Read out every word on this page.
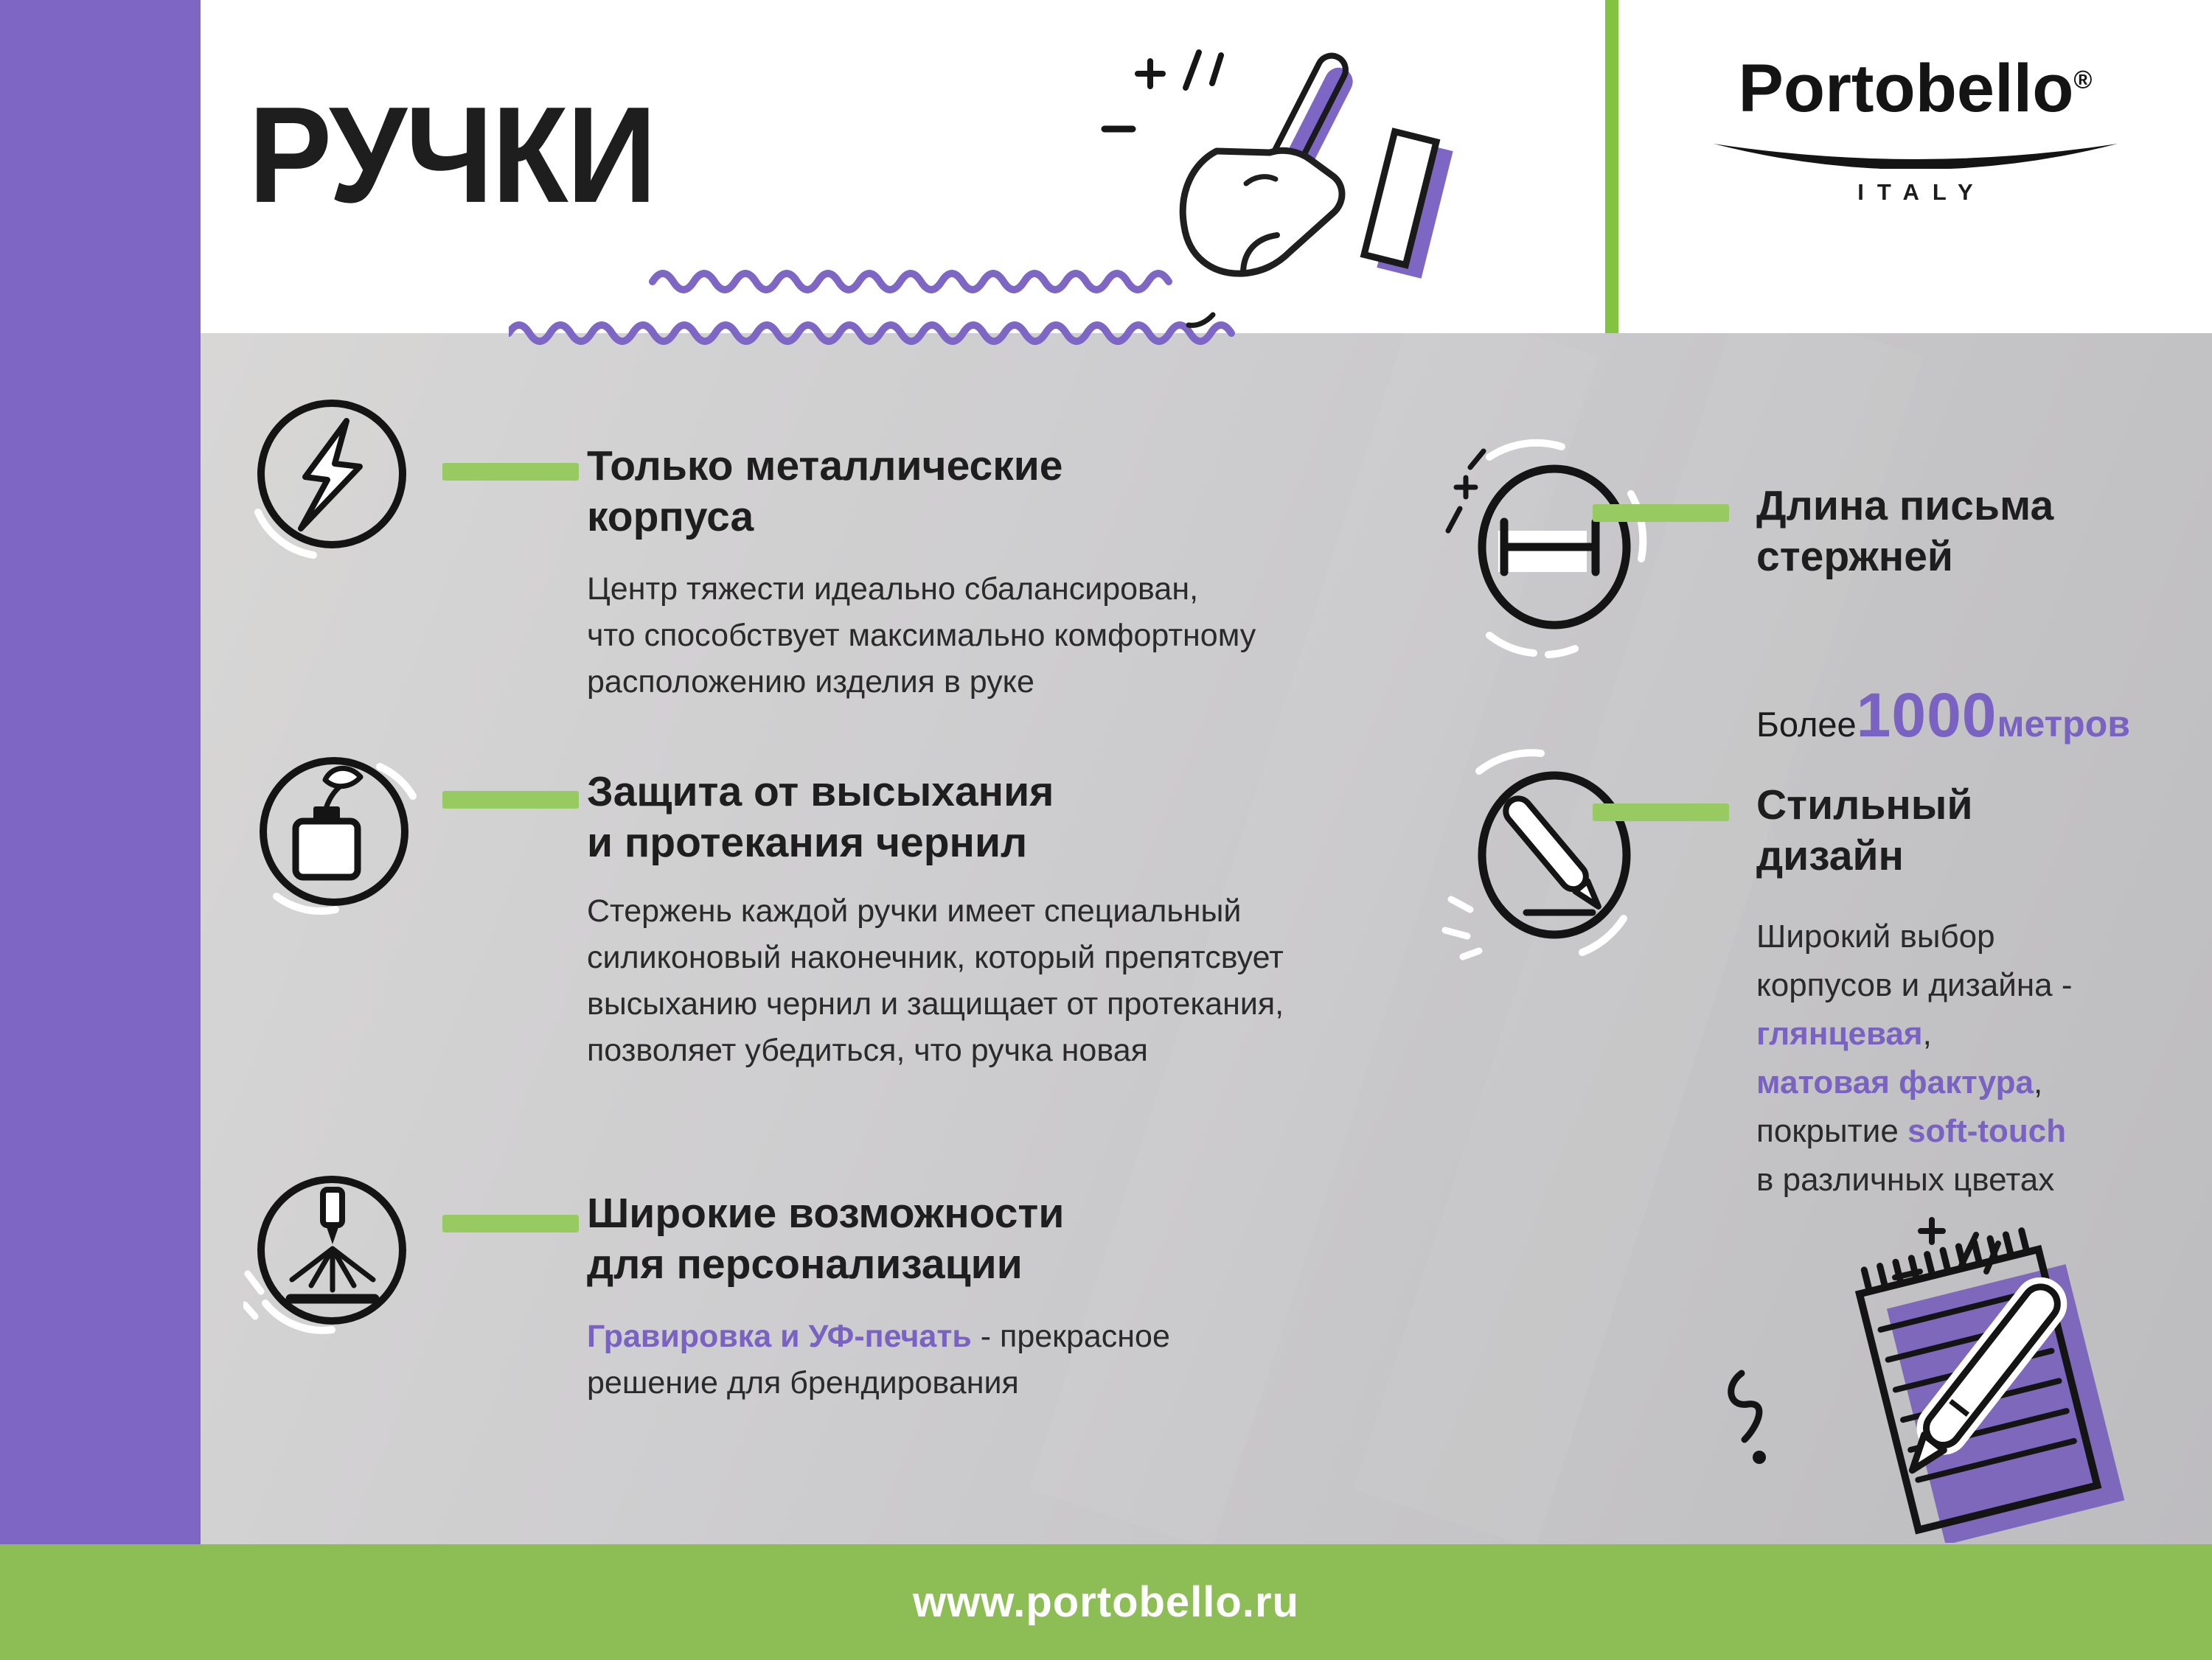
РУЧКИ	Portobello®
ITALY
Только металлические
корпуса
Центр тяжести идеально сбалансирован,
что способствует максимально комфортному
расположению изделия в руке
Защита от высыхания
и протекания чернил
Стержень каждой ручки имеет специальный
силиконовый наконечник, который препятсвует
высыханию чернил и защищает от протекания,
позволяет убедиться, что ручка новая
Широкие возможности
для персонализации
Гравировка и УФ-печать - прекрасное
решение для брендирования
Длина письма
стержней
Более 1000 метров
Стильный
дизайн
Широкий выбор
корпусов и дизайна -
глянцевая,
матовая фактура,
покрытие soft-touch
в различных цветах
www.portobello.ru
